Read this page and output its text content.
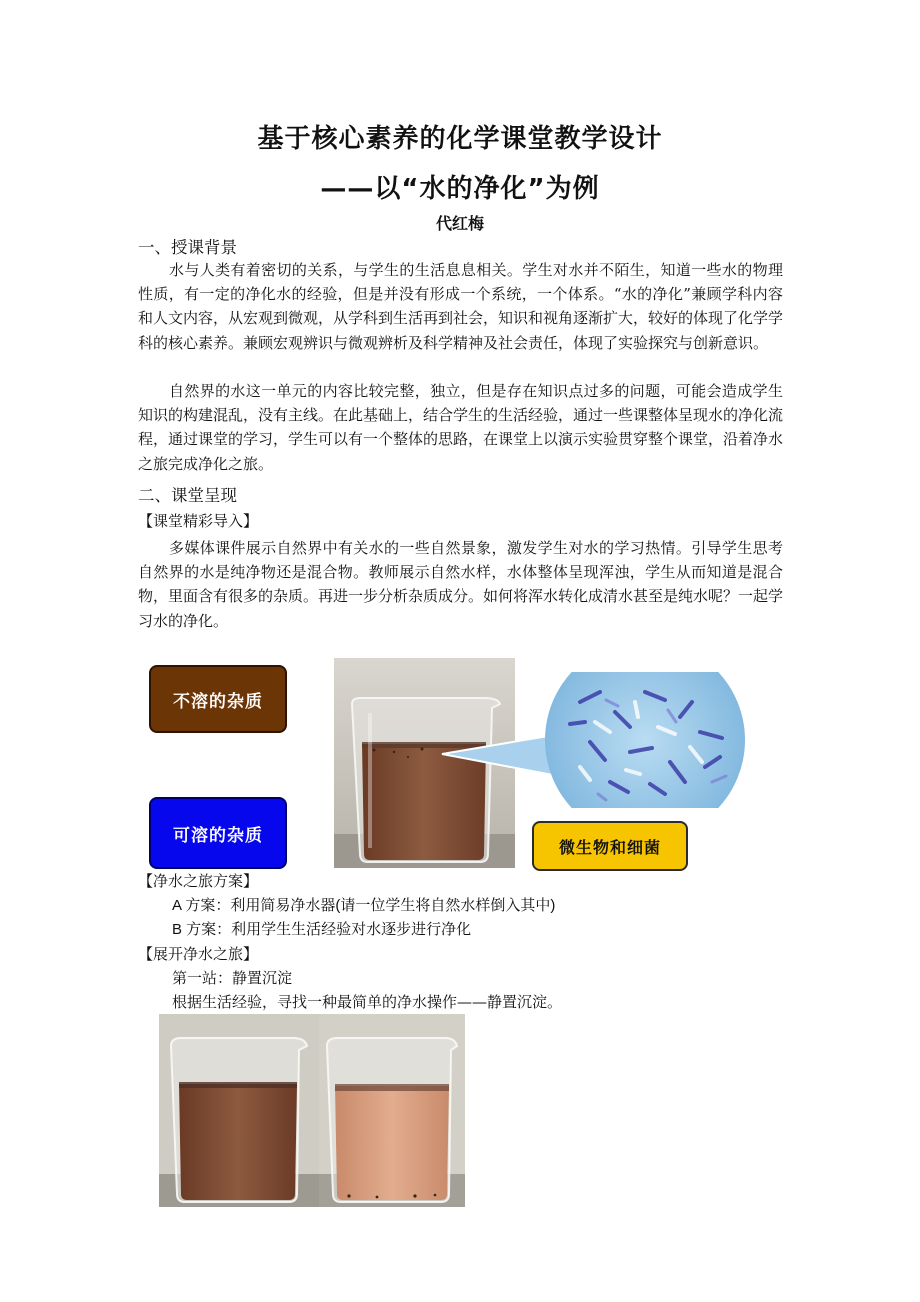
基于核心素养的化学课堂教学设计
——以“水的净化”为例
代红梅
一、授课背景

水与人类有着密切的关系，与学生的生活息息相关。学生对水并不陌生，知道一些水的物理性质，有一定的净化水的经验，但是并没有形成一个系统，一个体系。“水的净化”兼顾学科内容和人文内容，从宏观到微观，从学科到生活再到社会，知识和视角逐渐扩大，较好的体现了化学学科的核心素养。兼顾宏观辨识与微观辨析及科学精神及社会责任，体现了实验探究与创新意识。

自然界的水这一单元的内容比较完整，独立，但是存在知识点过多的问题，可能会造成学生知识的构建混乱，没有主线。在此基础上，结合学生的生活经验，通过一些课整体呈现水的净化流程，通过课堂的学习，学生可以有一个整体的思路，在课堂上以演示实验贯穿整个课堂，沿着净水之旅完成净化之旅。

二、课堂呈现
【课堂精彩导入】

多媒体课件展示自然界中有关水的一些自然景象，激发学生对水的学习热情。引导学生思考自然界的水是纯净物还是混合物。教师展示自然水样，水体整体呈现浑浊，学生从而知道是混合物，里面含有很多的杂质。再进一步分析杂质成分。如何将浑水转化成清水甚至是纯水呢？一起学习水的净化。

不溶的杂质
可溶的杂质
微生物和细菌
【净水之旅方案】
A 方案：利用简易净水器(请一位学生将自然水样倒入其中)
B 方案：利用学生生活经验对水逐步进行净化
【展开净水之旅】
第一站：静置沉淀
根据生活经验，寻找一种最简单的净水操作——静置沉淀。
